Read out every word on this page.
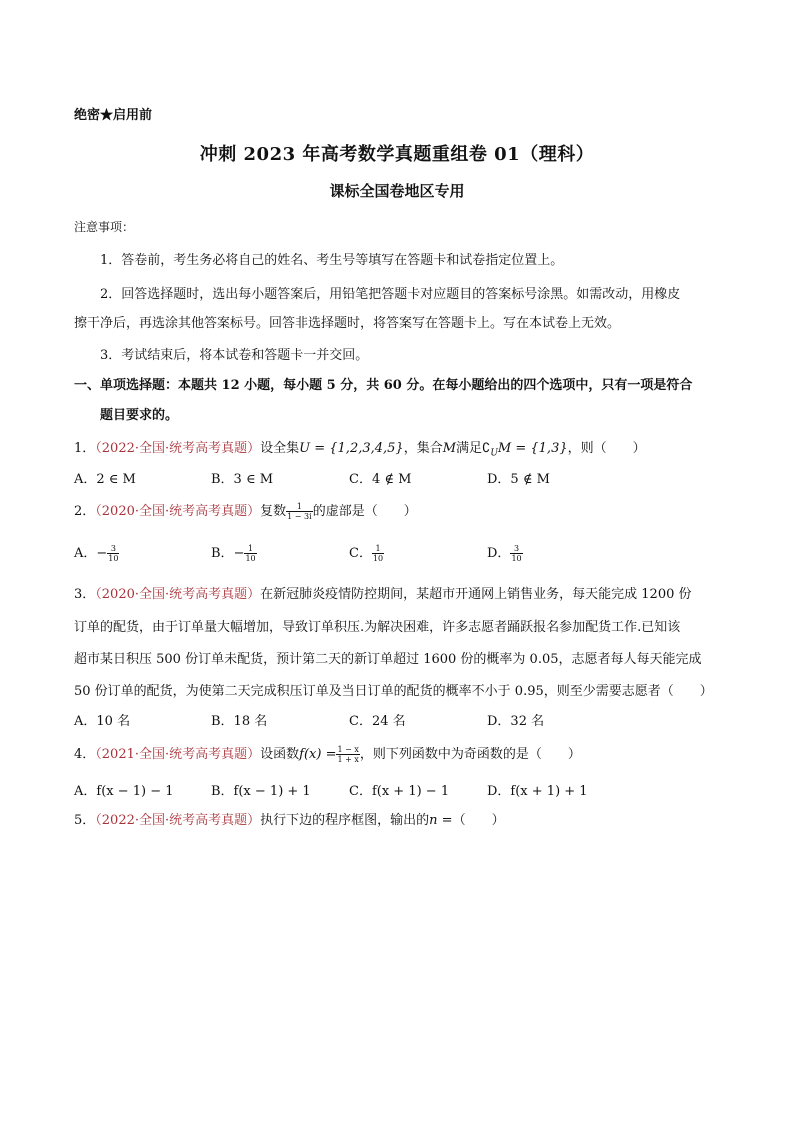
绝密★启用前
冲刺 2023 年高考数学真题重组卷 01（理科）
课标全国卷地区专用
注意事项：
1．答卷前，考生务必将自己的姓名、考生号等填写在答题卡和试卷指定位置上。
2．回答选择题时，选出每小题答案后，用铅笔把答题卡对应题目的答案标号涂黑。如需改动，用橡皮
擦干净后，再选涂其他答案标号。回答非选择题时，将答案写在答题卡上。写在本试卷上无效。
3．考试结束后，将本试卷和答题卡一并交回。
一、单项选择题：本题共 12 小题，每小题 5 分，共 60 分。在每小题给出的四个选项中，只有一项是符合
题目要求的。
1．（2022·全国·统考高考真题）设全集U = {1,2,3,4,5}，集合M满足$∁_UM = \{1,3\}$，则（　　）
A．2 ∈ M	B．3 ∈ M	C．4 ∉ M	D．5 ∉ M
2．（2020·全国·统考高考真题）复数 $\frac{1}{1 - 3i}$ 的虚部是（　　）
A．− $\frac{3}{10}$	B．− $\frac{1}{10}$	C． $\frac{1}{10}$	D． $\frac{3}{10}$
3．（2020·全国·统考高考真题）在新冠肺炎疫情防控期间，某超市开通网上销售业务，每天能完成 1200 份
订单的配货，由于订单量大幅增加，导致订单积压.为解决困难，许多志愿者踊跃报名参加配货工作.已知该
超市某日积压 500 份订单未配货，预计第二天的新订单超过 1600 份的概率为 0.05，志愿者每人每天能完成
50 份订单的配货，为使第二天完成积压订单及当日订单的配货的概率不小于 0.95，则至少需要志愿者（　　）
A．10 名	B．18 名	C．24 名	D．32 名
4．（2021·全国·统考高考真题）设函数$f(x) = \frac{1 - x}{1 + x}$ ，则下列函数中为奇函数的是（　　）
A．f(x − 1) − 1	B．f(x − 1) + 1	C．f(x + 1) − 1	D．f(x + 1) + 1
5．（2022·全国·统考高考真题）执行下边的程序框图，输出的n =（　　）
